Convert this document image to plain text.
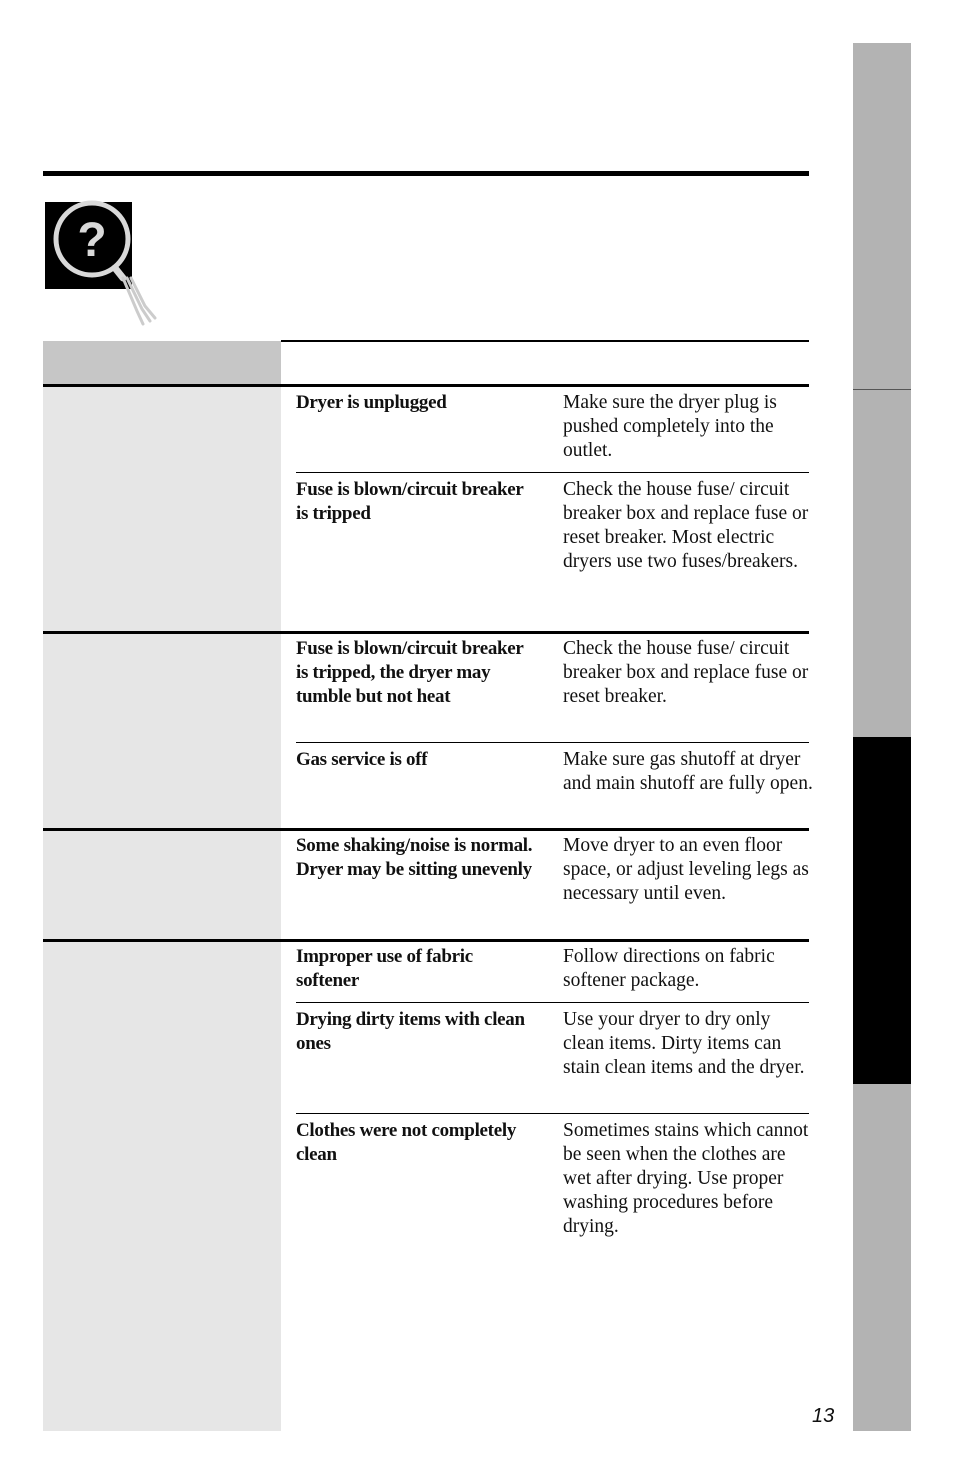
?
Dryer is unplugged	Make sure the dryer plug is pushed completely into the outlet.
Fuse is blown/circuit breaker is tripped
Check the house fuse/ circuit breaker box and replace fuse or reset breaker. Most electric dryers use two fuses/breakers.
Fuse is blown/circuit breaker is tripped, the dryer may tumble but not heat
Check the house fuse/ circuit breaker box and replace fuse or reset breaker.
Gas service is off	Make sure gas shutoff at dryer and main shutoff are fully open.
Some shaking/noise is normal. Dryer may be sitting unevenly
Move dryer to an even floor space, or adjust leveling legs as necessary until even.
Improper use of fabric softener
Follow directions on fabric softener package.
Drying dirty items with clean ones
Use your dryer to dry only clean items. Dirty items can stain clean items and the dryer.
Clothes were not completely clean
Sometimes stains which cannot be seen when the clothes are wet after drying. Use proper washing procedures before drying.
13
